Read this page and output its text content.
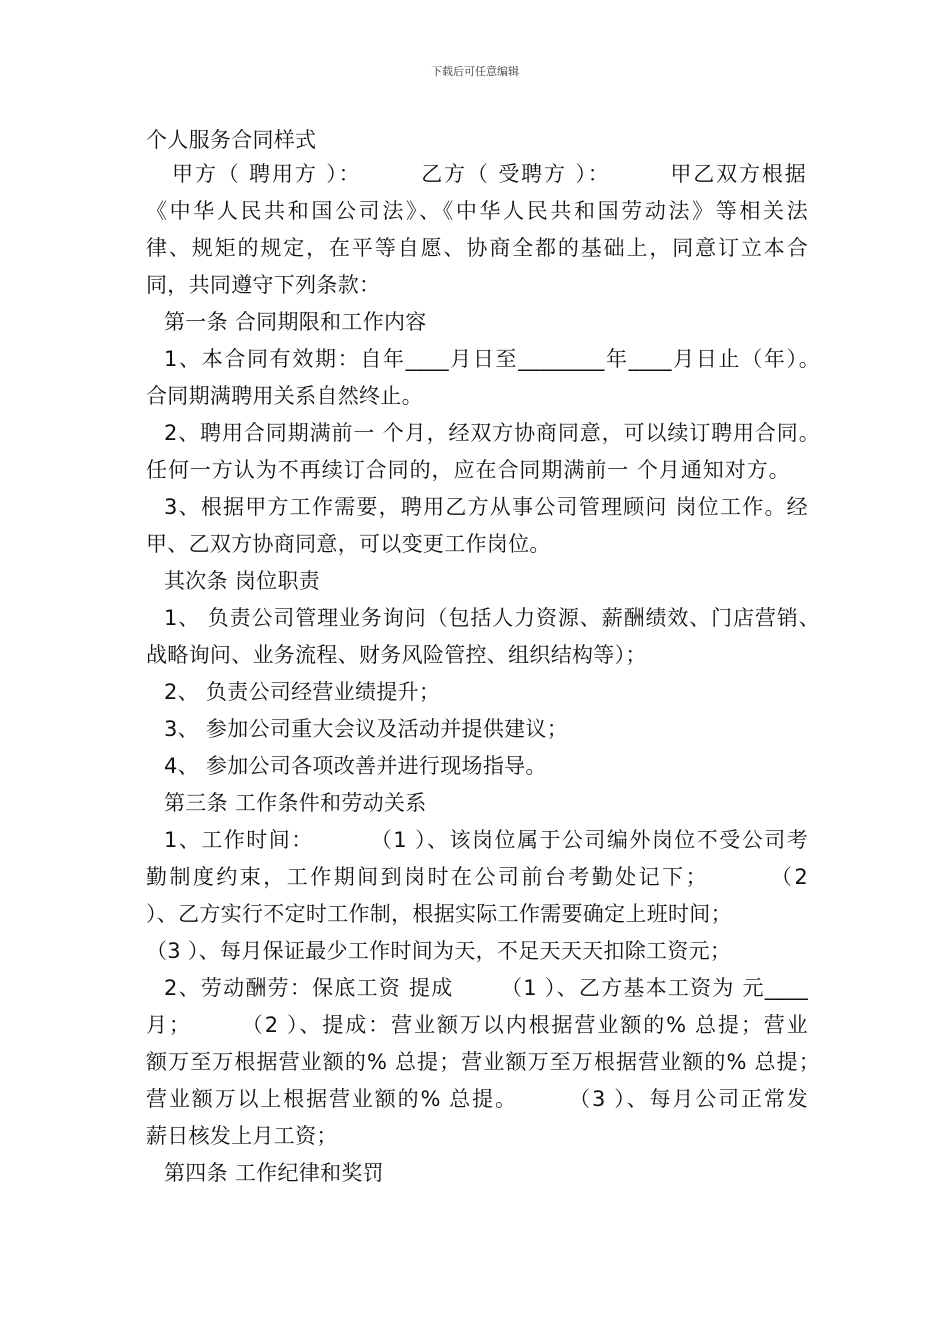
下载后可任意编辑
个人服务合同样式
甲方（ 聘用方 ）：       乙方（ 受聘方 ）：       甲乙双方根据
《中华人民共和国公司法》、《中华人民共和国劳动法》等相关法
律、规矩的规定，在平等自愿、协商全都的基础上，同意订立本合
同，共同遵守下列条款：
第一条 合同期限和工作内容
1、本合同有效期：自年____月日至________年____月日止（年）。
合同期满聘用关系自然终止。
2、聘用合同期满前一 个月，经双方协商同意，可以续订聘用合同。
任何一方认为不再续订合同的，应在合同期满前一 个月通知对方。
3、根据甲方工作需要，聘用乙方从事公司管理顾问 岗位工作。经
甲、乙双方协商同意，可以变更工作岗位。
其次条 岗位职责
1、 负责公司管理业务询问（包括人力资源、薪酬绩效、门店营销、
战略询问、业务流程、财务风险管控、组织结构等）；
2、 负责公司经营业绩提升；
3、 参加公司重大会议及活动并提供建议；
4、 参加公司各项改善并进行现场指导。
第三条 工作条件和劳动关系
1、工作时间：       （1 ）、该岗位属于公司编外岗位不受公司考
勤制度约束，工作期间到岗时在公司前台考勤处记下；       （2
）、乙方实行不定时工作制，根据实际工作需要确定上班时间；
（3 ）、每月保证最少工作时间为天，不足天天天扣除工资元；
2、劳动酬劳：保底工资 提成      （1 ）、乙方基本工资为 元____
月；      （2 ）、提成：营业额万以内根据营业额的% 总提；营业
额万至万根据营业额的% 总提；营业额万至万根据营业额的% 总提；
营业额万以上根据营业额的% 总提。      （3 ）、每月公司正常发
薪日核发上月工资；
第四条 工作纪律和奖罚
